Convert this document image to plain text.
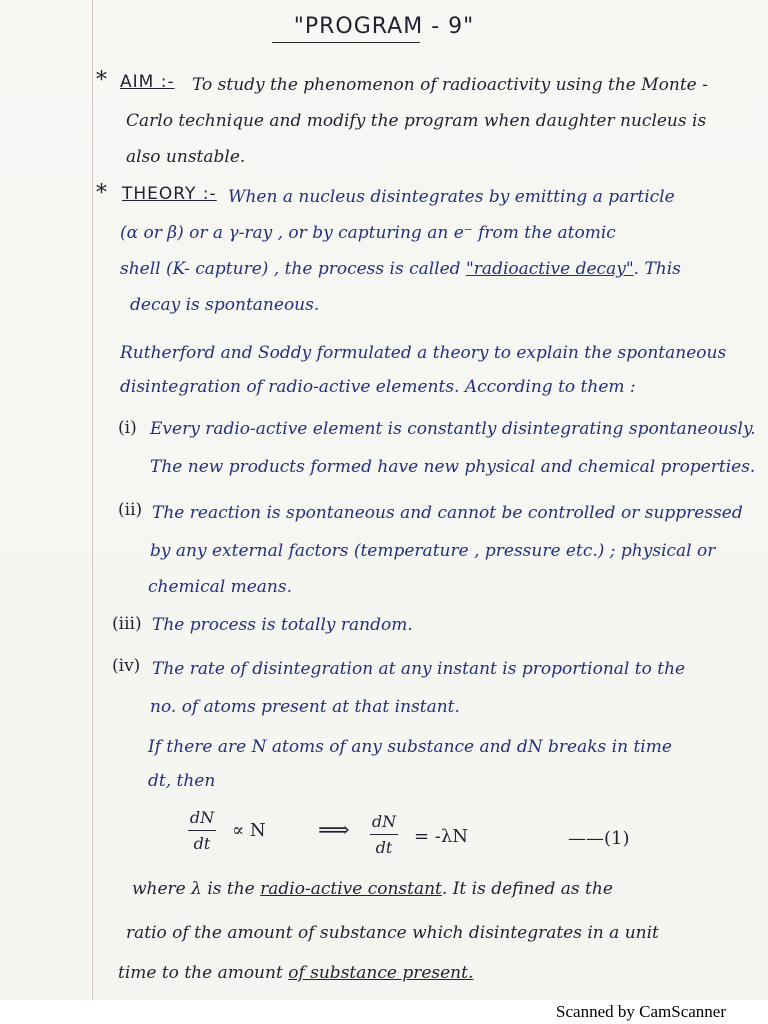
"PROGRAM - 9"
* AIM :- To study the phenomenon of radioactivity using the Monte -
Carlo technique and modify the program when daughter nucleus is
also unstable.
* THEORY :- When a nucleus disintegrates by emitting a particle
(α or β) or a γ-ray , or by capturing an e⁻ from the atomic
shell (K- capture) , the process is called "radioactive decay". This
decay is spontaneous.
Rutherford and Soddy formulated a theory to explain the spontaneous
disintegration of radio-active elements. According to them :
(i) Every radio-active element is constantly disintegrating spontaneously.
The new products formed have new physical and chemical properties.
(ii) The reaction is spontaneous and cannot be controlled or suppressed
by any external factors (temperature , pressure etc.) ; physical or
chemical means.
(iii) The process is totally random.
(iv) The rate of disintegration at any instant is proportional to the
no. of atoms present at that instant.
If there are N atoms of any substance and dN breaks in time
dt, then
dN
dt
∝ N ⟹ dN
dt
= -λN	——(1)
where λ is the radio-active constant. It is defined as the
ratio of the amount of substance which disintegrates in a unit
time to the amount of substance present.
Scanned by CamScanner
